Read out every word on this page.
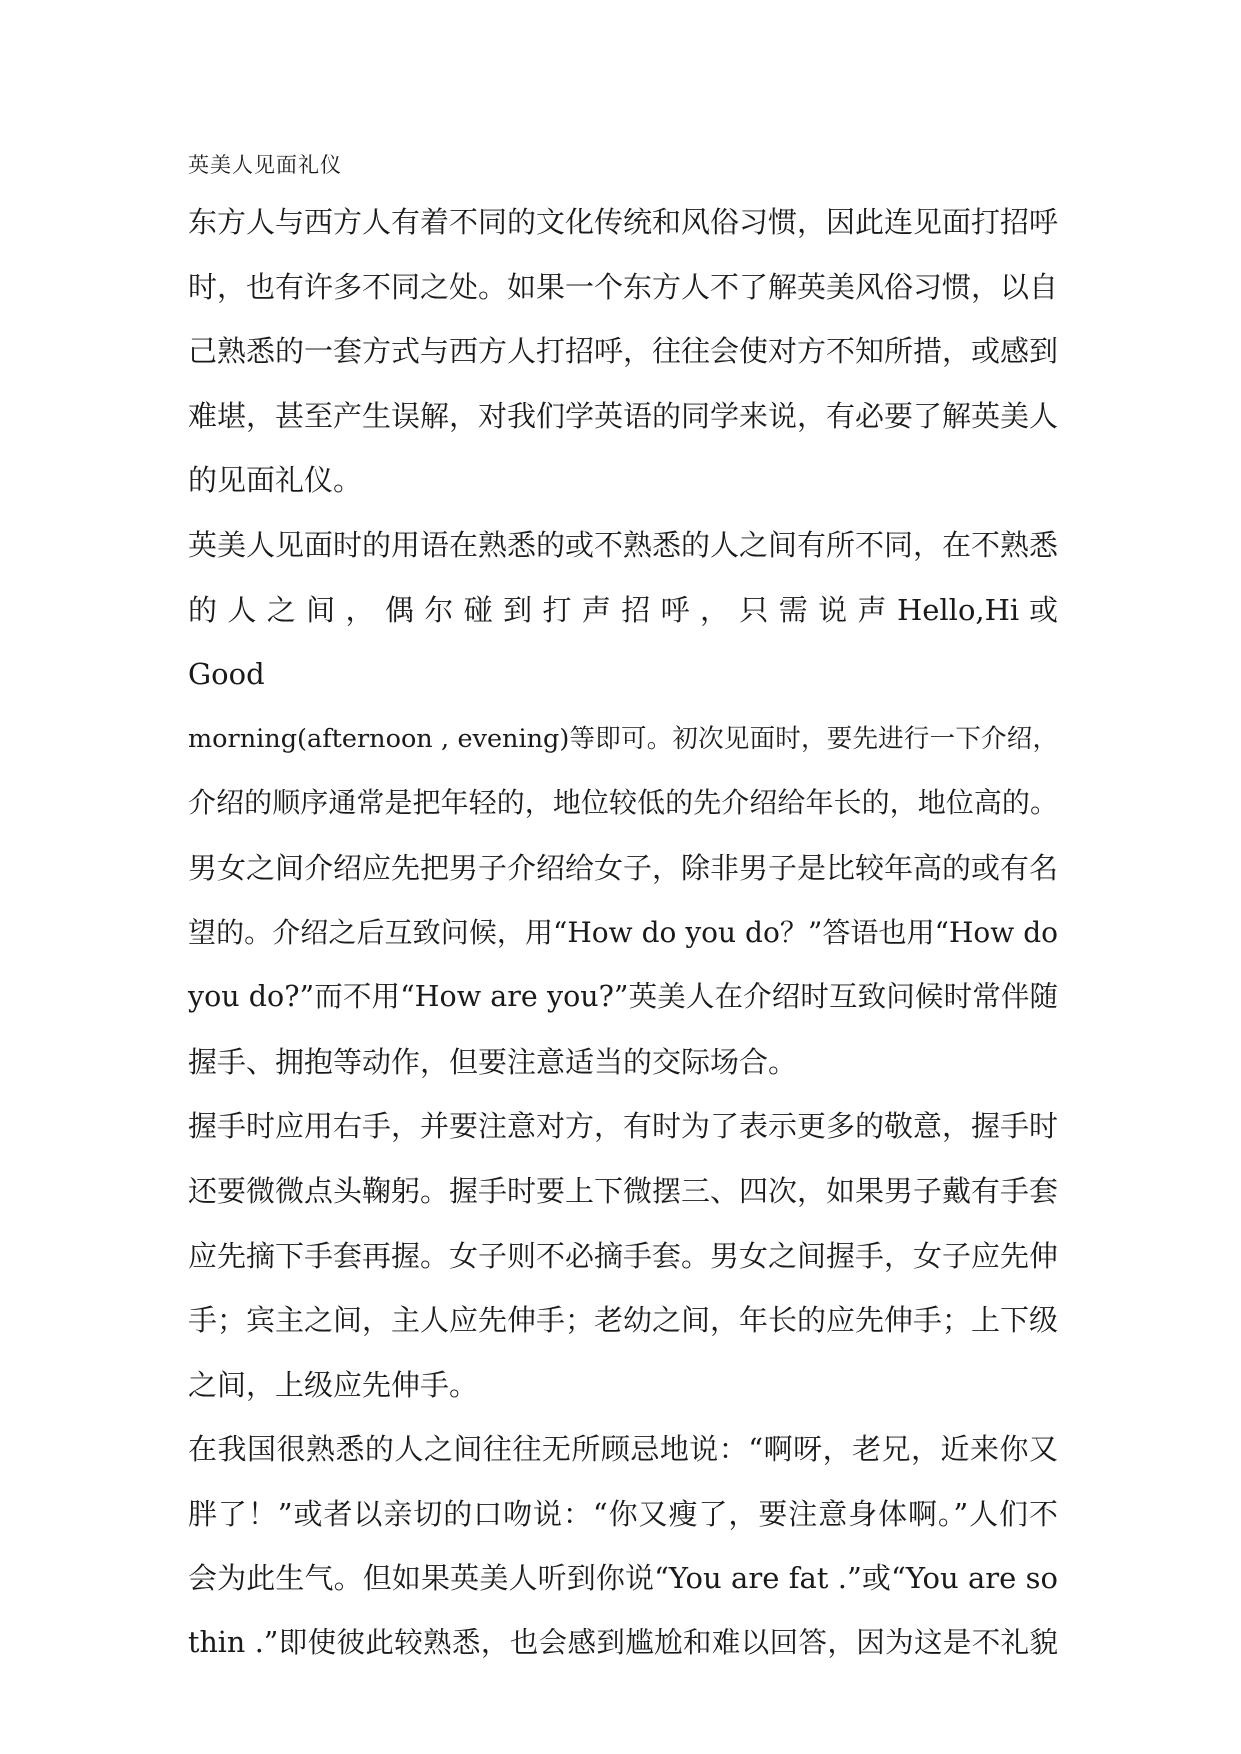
英美人见面礼仪

东方人与西方人有着不同的文化传统和风俗习惯，因此连见面打招呼
时，也有许多不同之处。如果一个东方人不了解英美风俗习惯，以自
己熟悉的一套方式与西方人打招呼，往往会使对方不知所措，或感到
难堪，甚至产生误解，对我们学英语的同学来说，有必要了解英美人
的见面礼仪。

英美人见面时的用语在熟悉的或不熟悉的人之间有所不同，在不熟悉
的 人 之 间 ， 偶 尔 碰 到 打 声 招 呼 ， 只 需 说 声 Hello,Hi 或 Good
morning(afternoon , evening)等即可。初次见面时，要先进行一下介绍，
介绍的顺序通常是把年轻的，地位较低的先介绍给年长的，地位高的。
男女之间介绍应先把男子介绍给女子，除非男子是比较年高的或有名
望的。介绍之后互致问候，用“How do you do？”答语也用“How do
you do?”而不用“How are you?”英美人在介绍时互致问候时常伴随
握手、拥抱等动作，但要注意适当的交际场合。

握手时应用右手，并要注意对方，有时为了表示更多的敬意，握手时
还要微微点头鞠躬。握手时要上下微摆三、四次，如果男子戴有手套
应先摘下手套再握。女子则不必摘手套。男女之间握手，女子应先伸
手；宾主之间，主人应先伸手；老幼之间，年长的应先伸手；上下级
之间，上级应先伸手。

在我国很熟悉的人之间往往无所顾忌地说：“啊呀，老兄，近来你又
胖了！”或者以亲切的口吻说：“你又瘦了，要注意身体啊。”人们不
会为此生气。但如果英美人听到你说“You are fat .”或“You are so
thin .”即使彼此较熟悉，也会感到尴尬和难以回答，因为这是不礼貌
